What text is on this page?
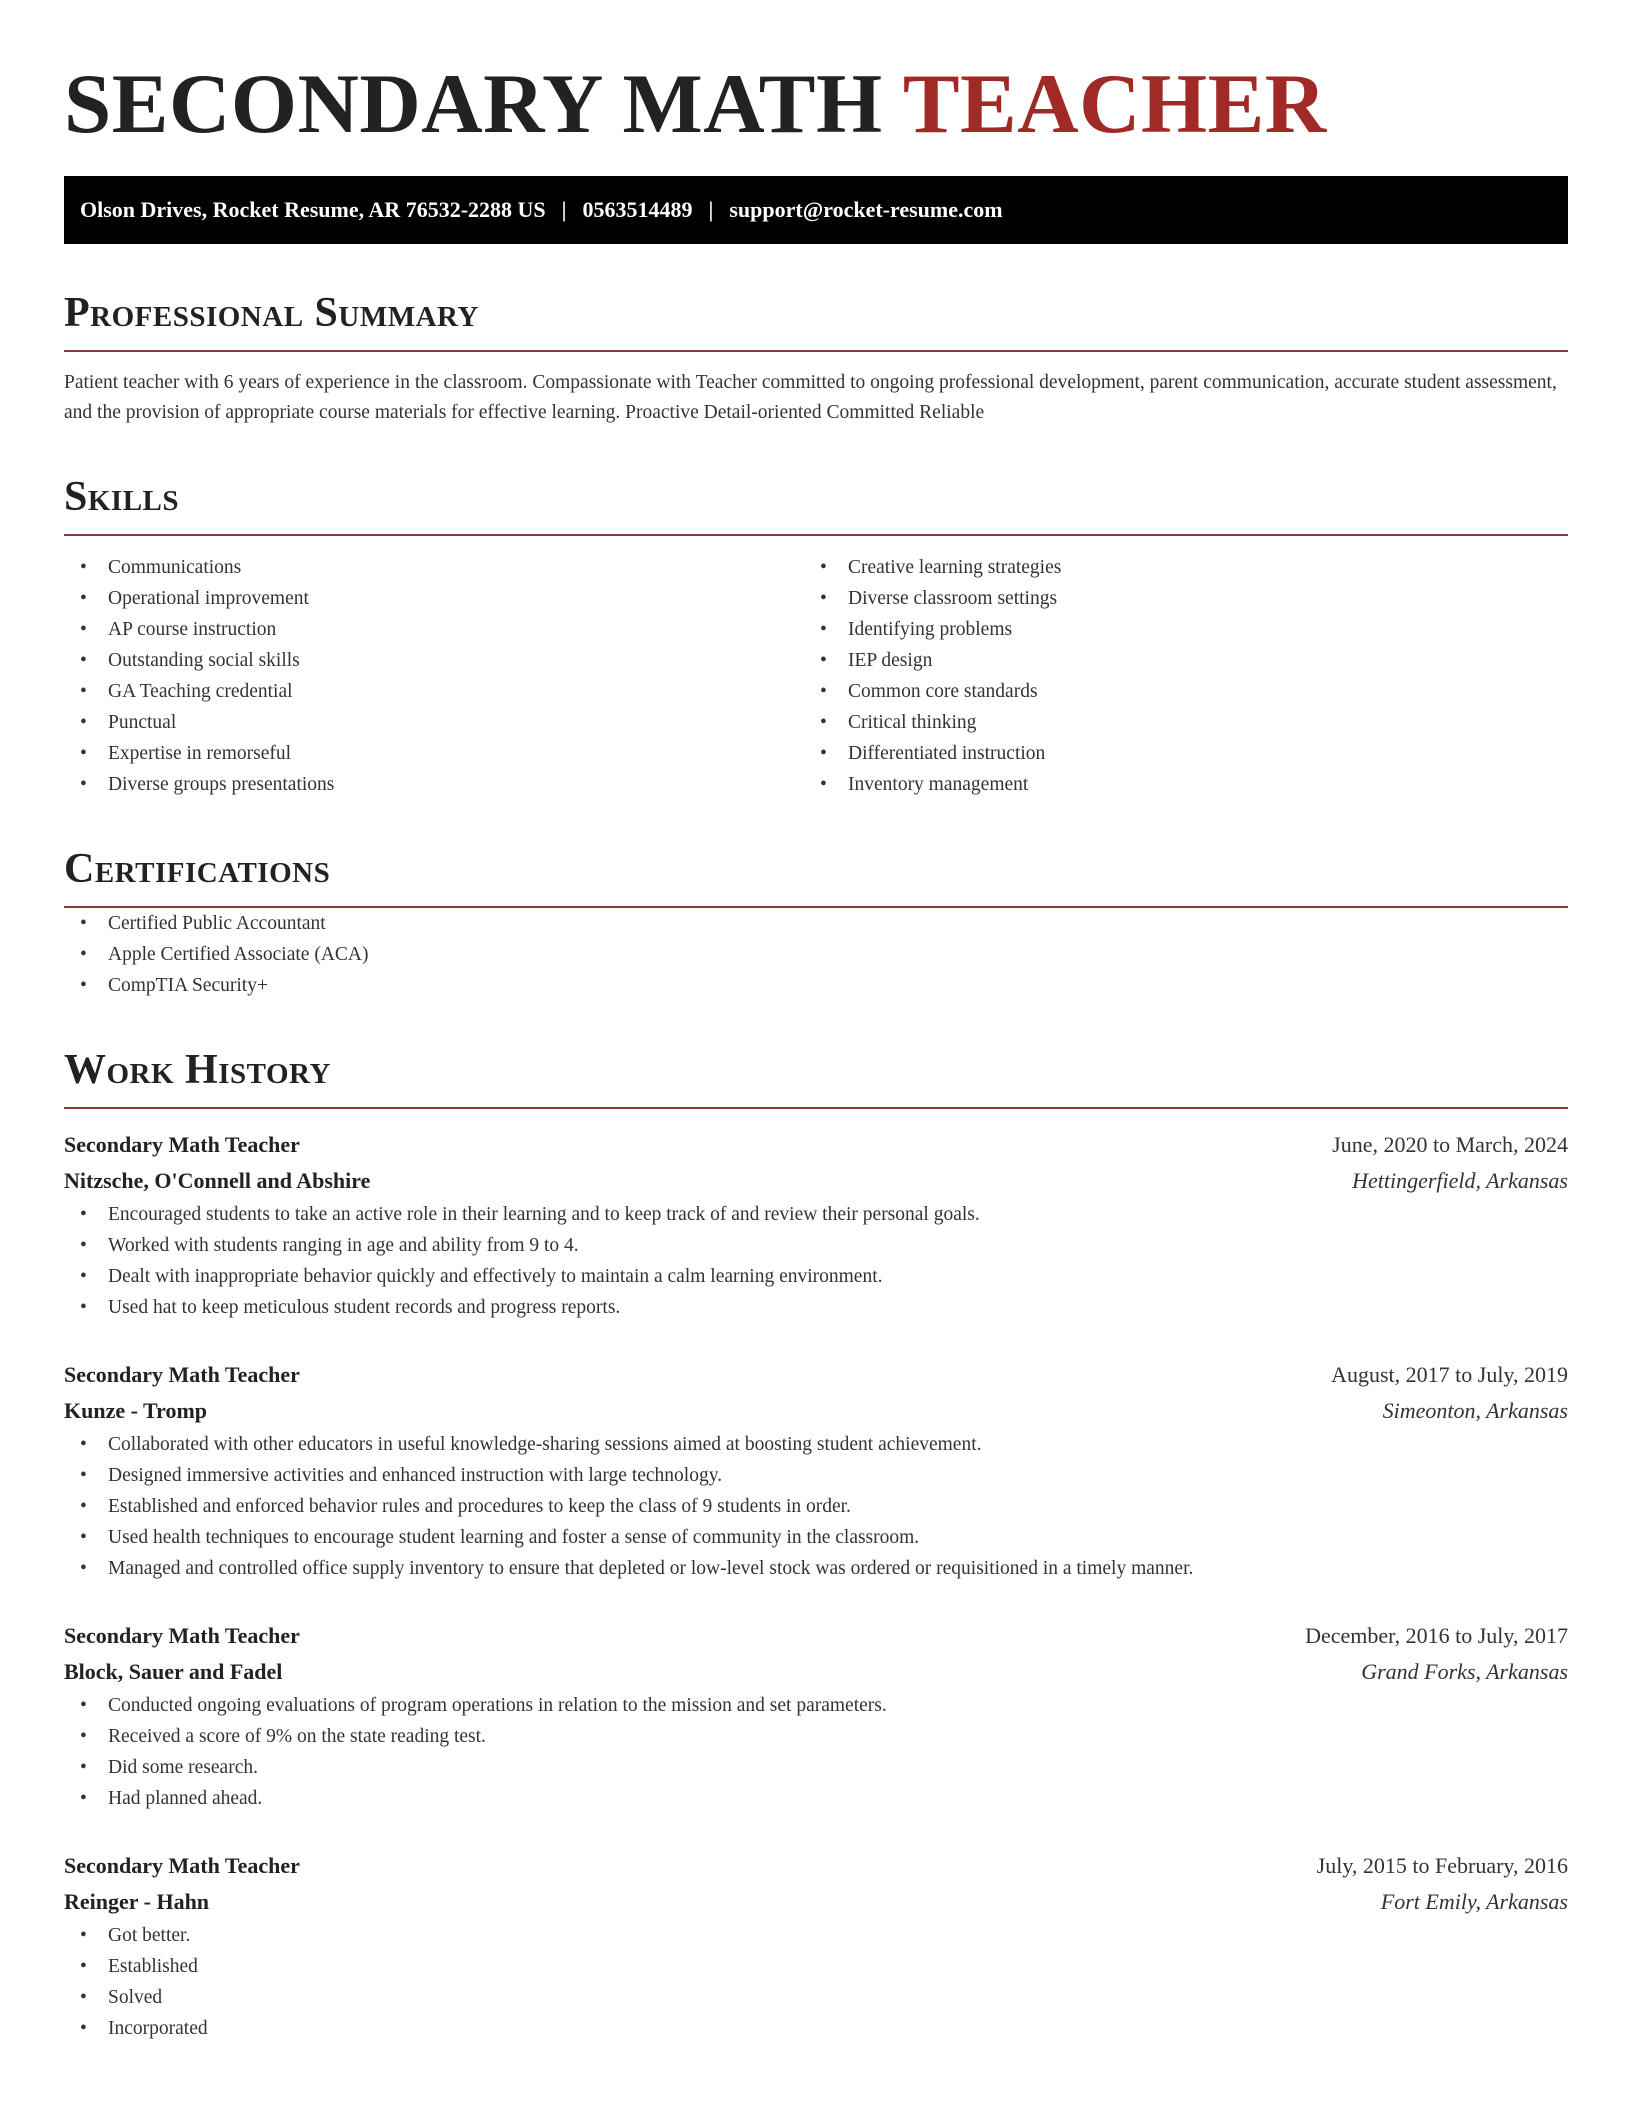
SECONDARY MATH TEACHER
Olson Drives, Rocket Resume, AR 76532-2288 US | 0563514489 | support@rocket-resume.com
Professional Summary

Patient teacher with 6 years of experience in the classroom. Compassionate with Teacher committed to ongoing professional development, parent communication, accurate student assessment, and the provision of appropriate course materials for effective learning. Proactive Detail-oriented Committed Reliable

Skills
• Communications
• Operational improvement
• AP course instruction
• Outstanding social skills
• GA Teaching credential
• Punctual
• Expertise in remorseful
• Diverse groups presentations
• Creative learning strategies
• Diverse classroom settings
• Identifying problems
• IEP design
• Common core standards
• Critical thinking
• Differentiated instruction
• Inventory management
Certifications
• Certified Public Accountant
• Apple Certified Associate (ACA)
• CompTIA Security+
Work History
Secondary Math Teacher	June, 2020 to March, 2024
Nitzsche, O'Connell and Abshire	Hettingerfield, Arkansas
• Encouraged students to take an active role in their learning and to keep track of and review their personal goals.
• Worked with students ranging in age and ability from 9 to 4.
• Dealt with inappropriate behavior quickly and effectively to maintain a calm learning environment.
• Used hat to keep meticulous student records and progress reports.
Secondary Math Teacher	August, 2017 to July, 2019
Kunze - Tromp	Simeonton, Arkansas
• Collaborated with other educators in useful knowledge-sharing sessions aimed at boosting student achievement.
• Designed immersive activities and enhanced instruction with large technology.
• Established and enforced behavior rules and procedures to keep the class of 9 students in order.
• Used health techniques to encourage student learning and foster a sense of community in the classroom.
• Managed and controlled office supply inventory to ensure that depleted or low-level stock was ordered or requisitioned in a timely manner.
Secondary Math Teacher	December, 2016 to July, 2017
Block, Sauer and Fadel	Grand Forks, Arkansas
• Conducted ongoing evaluations of program operations in relation to the mission and set parameters.
• Received a score of 9% on the state reading test.
• Did some research.
• Had planned ahead.
Secondary Math Teacher	July, 2015 to February, 2016
Reinger - Hahn	Fort Emily, Arkansas
• Got better.
• Established
• Solved
• Incorporated
